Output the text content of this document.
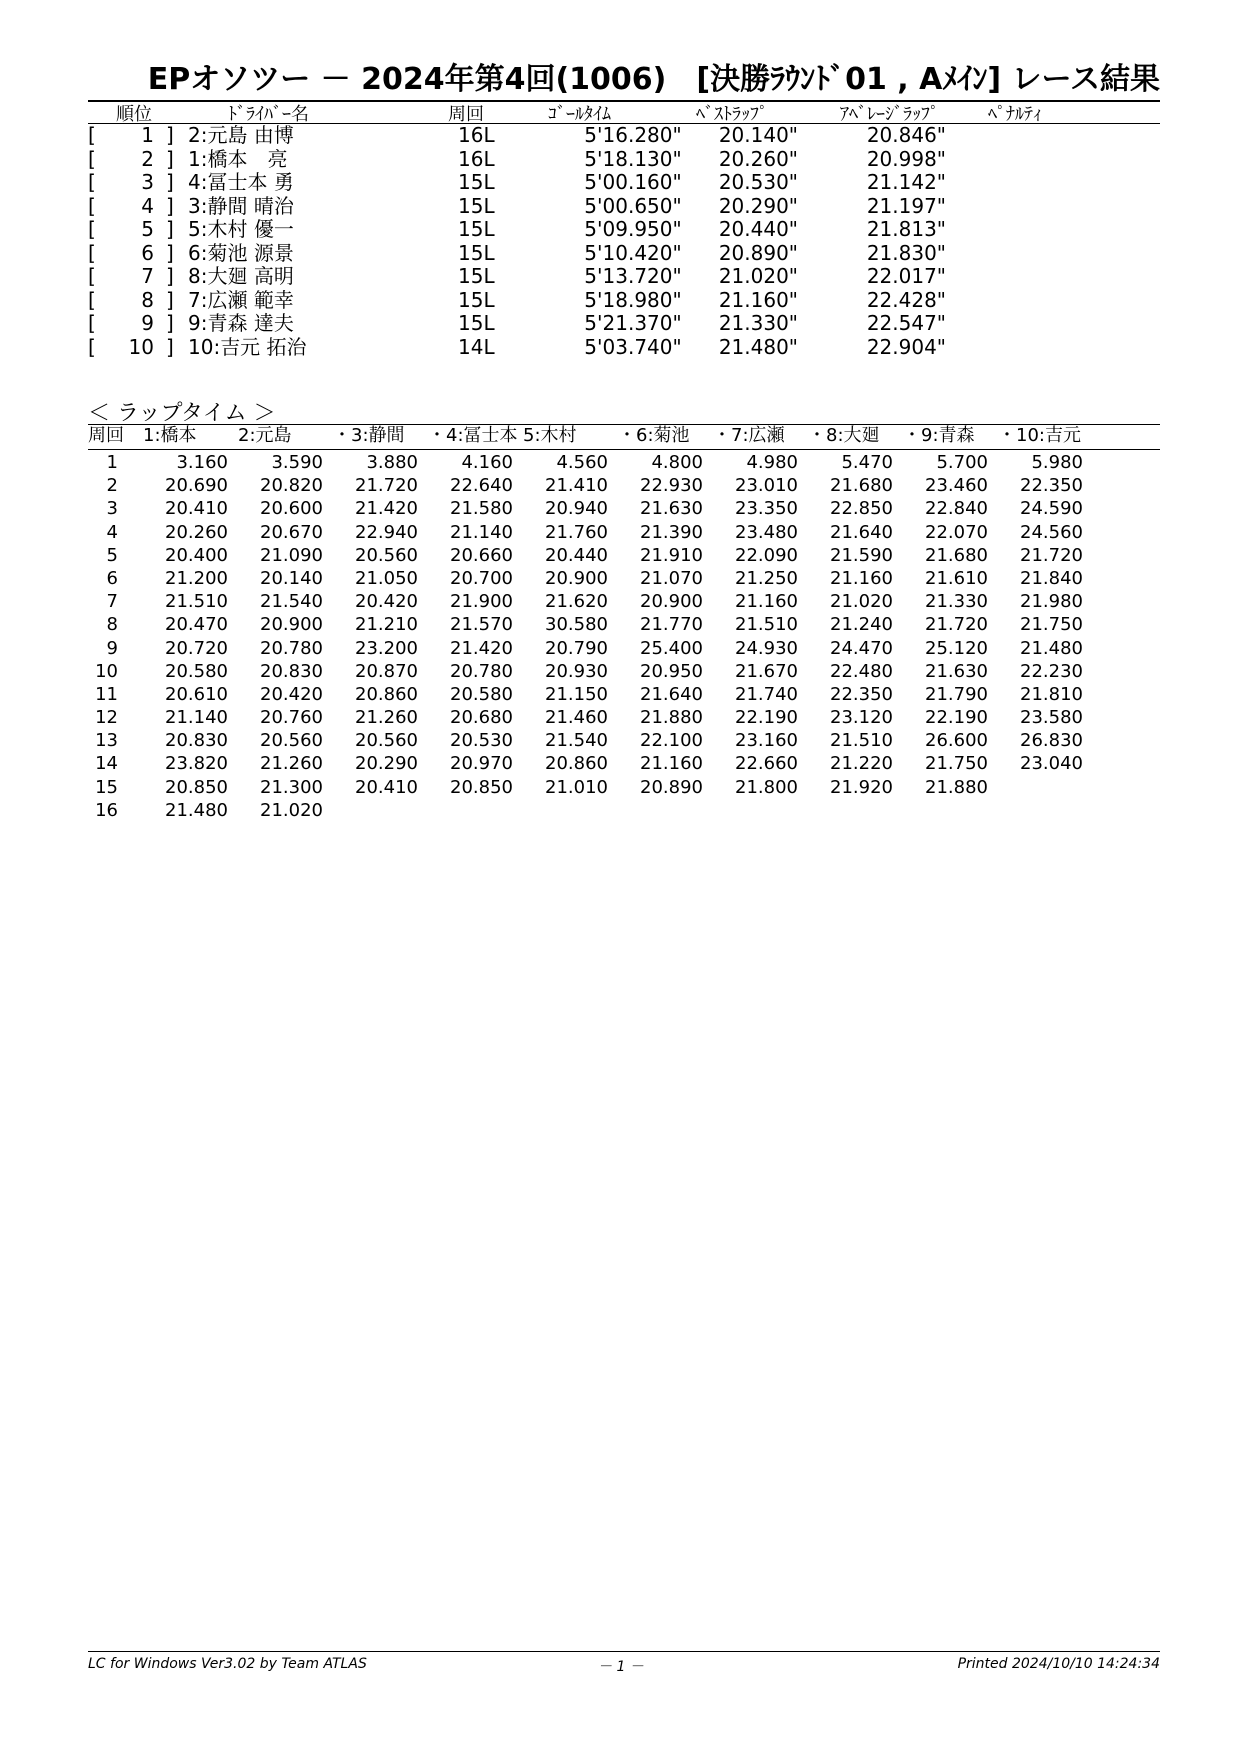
EPオソツー － 2024年第4回(1006)　[決勝ﾗｳﾝﾄﾞ01 , Aﾒｲﾝ] レース結果
順位	ﾄﾞﾗｲﾊﾞｰ名	周回	ｺﾞｰﾙﾀｲﾑ	ﾍﾞｽﾄﾗｯﾌﾟ	ｱﾍﾞﾚｰｼﾞﾗｯﾌﾟ	ﾍﾟﾅﾙﾃｨ
[	1 ] 2:元島 由博	16L	5'16.280"	20.140"	20.846"
[	2 ] 1:橋本　亮	16L	5'18.130"	20.260"	20.998"
[	3 ] 4:冨士本 勇	15L	5'00.160"	20.530"	21.142"
[	4 ] 3:静間 晴治	15L	5'00.650"	20.290"	21.197"
[	5 ] 5:木村 優一	15L	5'09.950"	20.440"	21.813"
[	6 ] 6:菊池 源景	15L	5'10.420"	20.890"	21.830"
[	7 ] 8:大廻 高明	15L	5'13.720"	21.020"	22.017"
[	8 ] 7:広瀬 範幸	15L	5'18.980"	21.160"	22.428"
[	9 ] 9:青森 達夫	15L	5'21.370"	21.330"	22.547"
[	10 ] 10:吉元 拓治	14L	5'03.740"	21.480"	22.904"
＜ ラップタイム ＞
周回 1:橋本 2:元島 ・3:静間 ・4:冨士本 5:木村 ・6:菊池 ・7:広瀬 ・8:大廻 ・9:青森 ・10:吉元
1	3.160	3.590	3.880	4.160	4.560	4.800	4.980	5.470	5.700	5.980
2	20.690	20.820	21.720	22.640	21.410	22.930	23.010	21.680	23.460	22.350
3	20.410	20.600	21.420	21.580	20.940	21.630	23.350	22.850	22.840	24.590
4	20.260	20.670	22.940	21.140	21.760	21.390	23.480	21.640	22.070	24.560
5	20.400	21.090	20.560	20.660	20.440	21.910	22.090	21.590	21.680	21.720
6	21.200	20.140	21.050	20.700	20.900	21.070	21.250	21.160	21.610	21.840
7	21.510	21.540	20.420	21.900	21.620	20.900	21.160	21.020	21.330	21.980
8	20.470	20.900	21.210	21.570	30.580	21.770	21.510	21.240	21.720	21.750
9	20.720	20.780	23.200	21.420	20.790	25.400	24.930	24.470	25.120	21.480
10	20.580	20.830	20.870	20.780	20.930	20.950	21.670	22.480	21.630	22.230
11	20.610	20.420	20.860	20.580	21.150	21.640	21.740	22.350	21.790	21.810
12	21.140	20.760	21.260	20.680	21.460	21.880	22.190	23.120	22.190	23.580
13	20.830	20.560	20.560	20.530	21.540	22.100	23.160	21.510	26.600	26.830
14	23.820	21.260	20.290	20.970	20.860	21.160	22.660	21.220	21.750	23.040
15	20.850	21.300	20.410	20.850	21.010	20.890	21.800	21.920	21.880
16	21.480	21.020
LC for Windows Ver3.02 by Team ATLAS	－ 1 －	Printed 2024/10/10 14:24:34
